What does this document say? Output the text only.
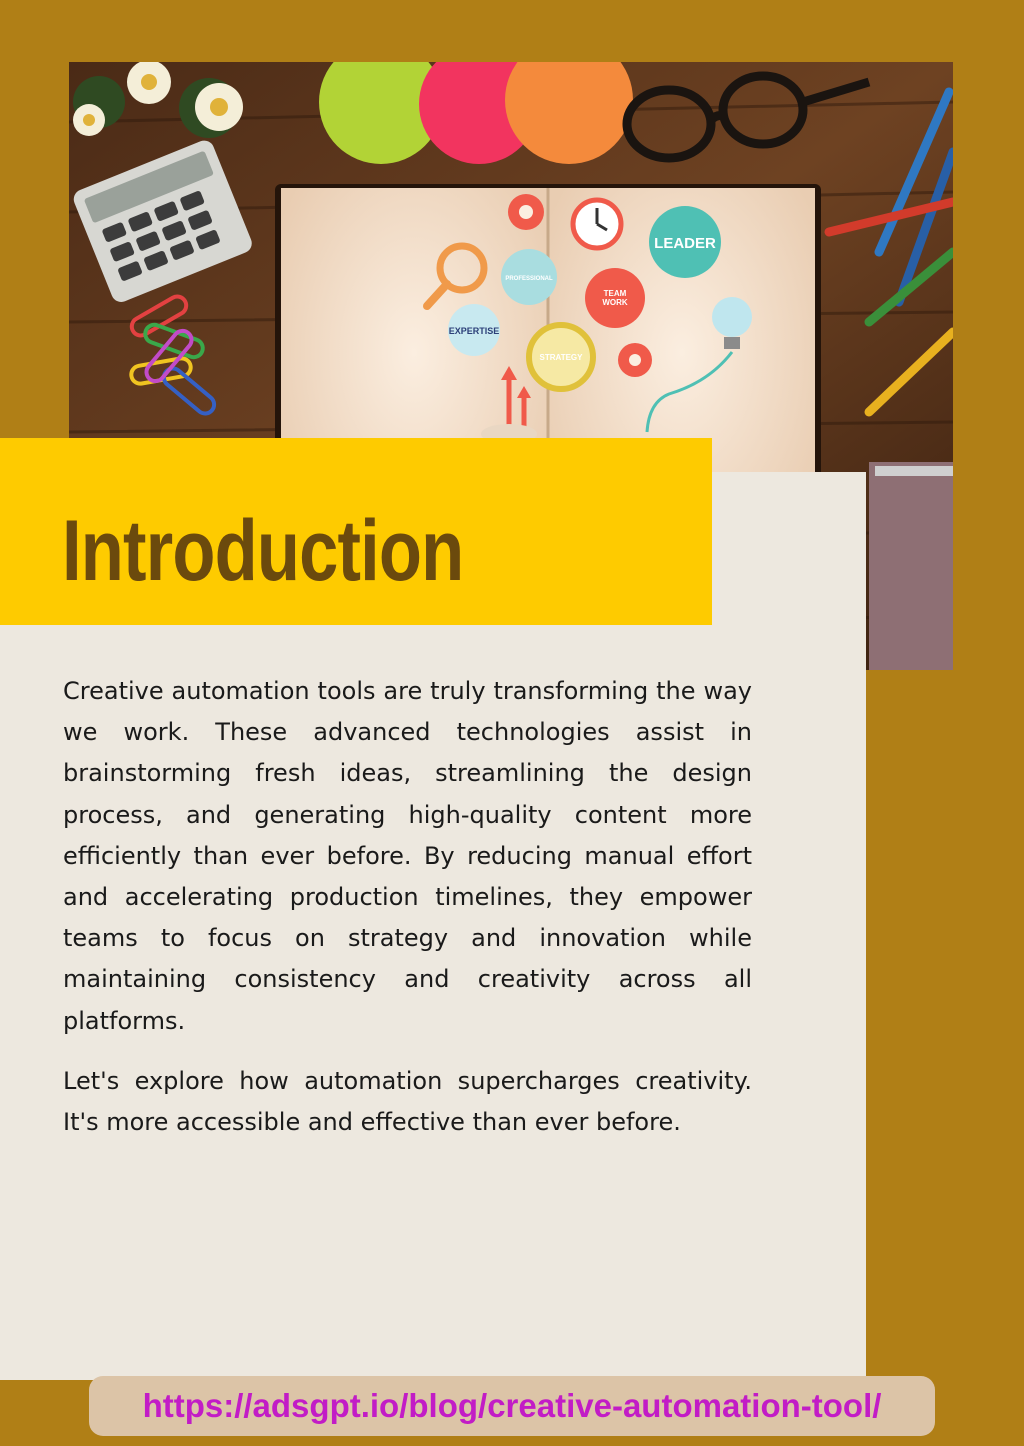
LEADER
PROFESSIONAL
TEAM
WORK
EXPERTISE
STRATEGY
Introduction

Creative automation tools are truly transforming the way we work. These advanced technologies assist in brainstorming fresh ideas, streamlining the design process, and generating high-quality content more efficiently than ever before. By reducing manual effort and accelerating production timelines, they empower teams to focus on strategy and innovation while maintaining consistency and creativity across all platforms.

Let's explore how automation supercharges creativity. It's more accessible and effective than ever before.

https://adsgpt.io/blog/creative-automation-tool/
